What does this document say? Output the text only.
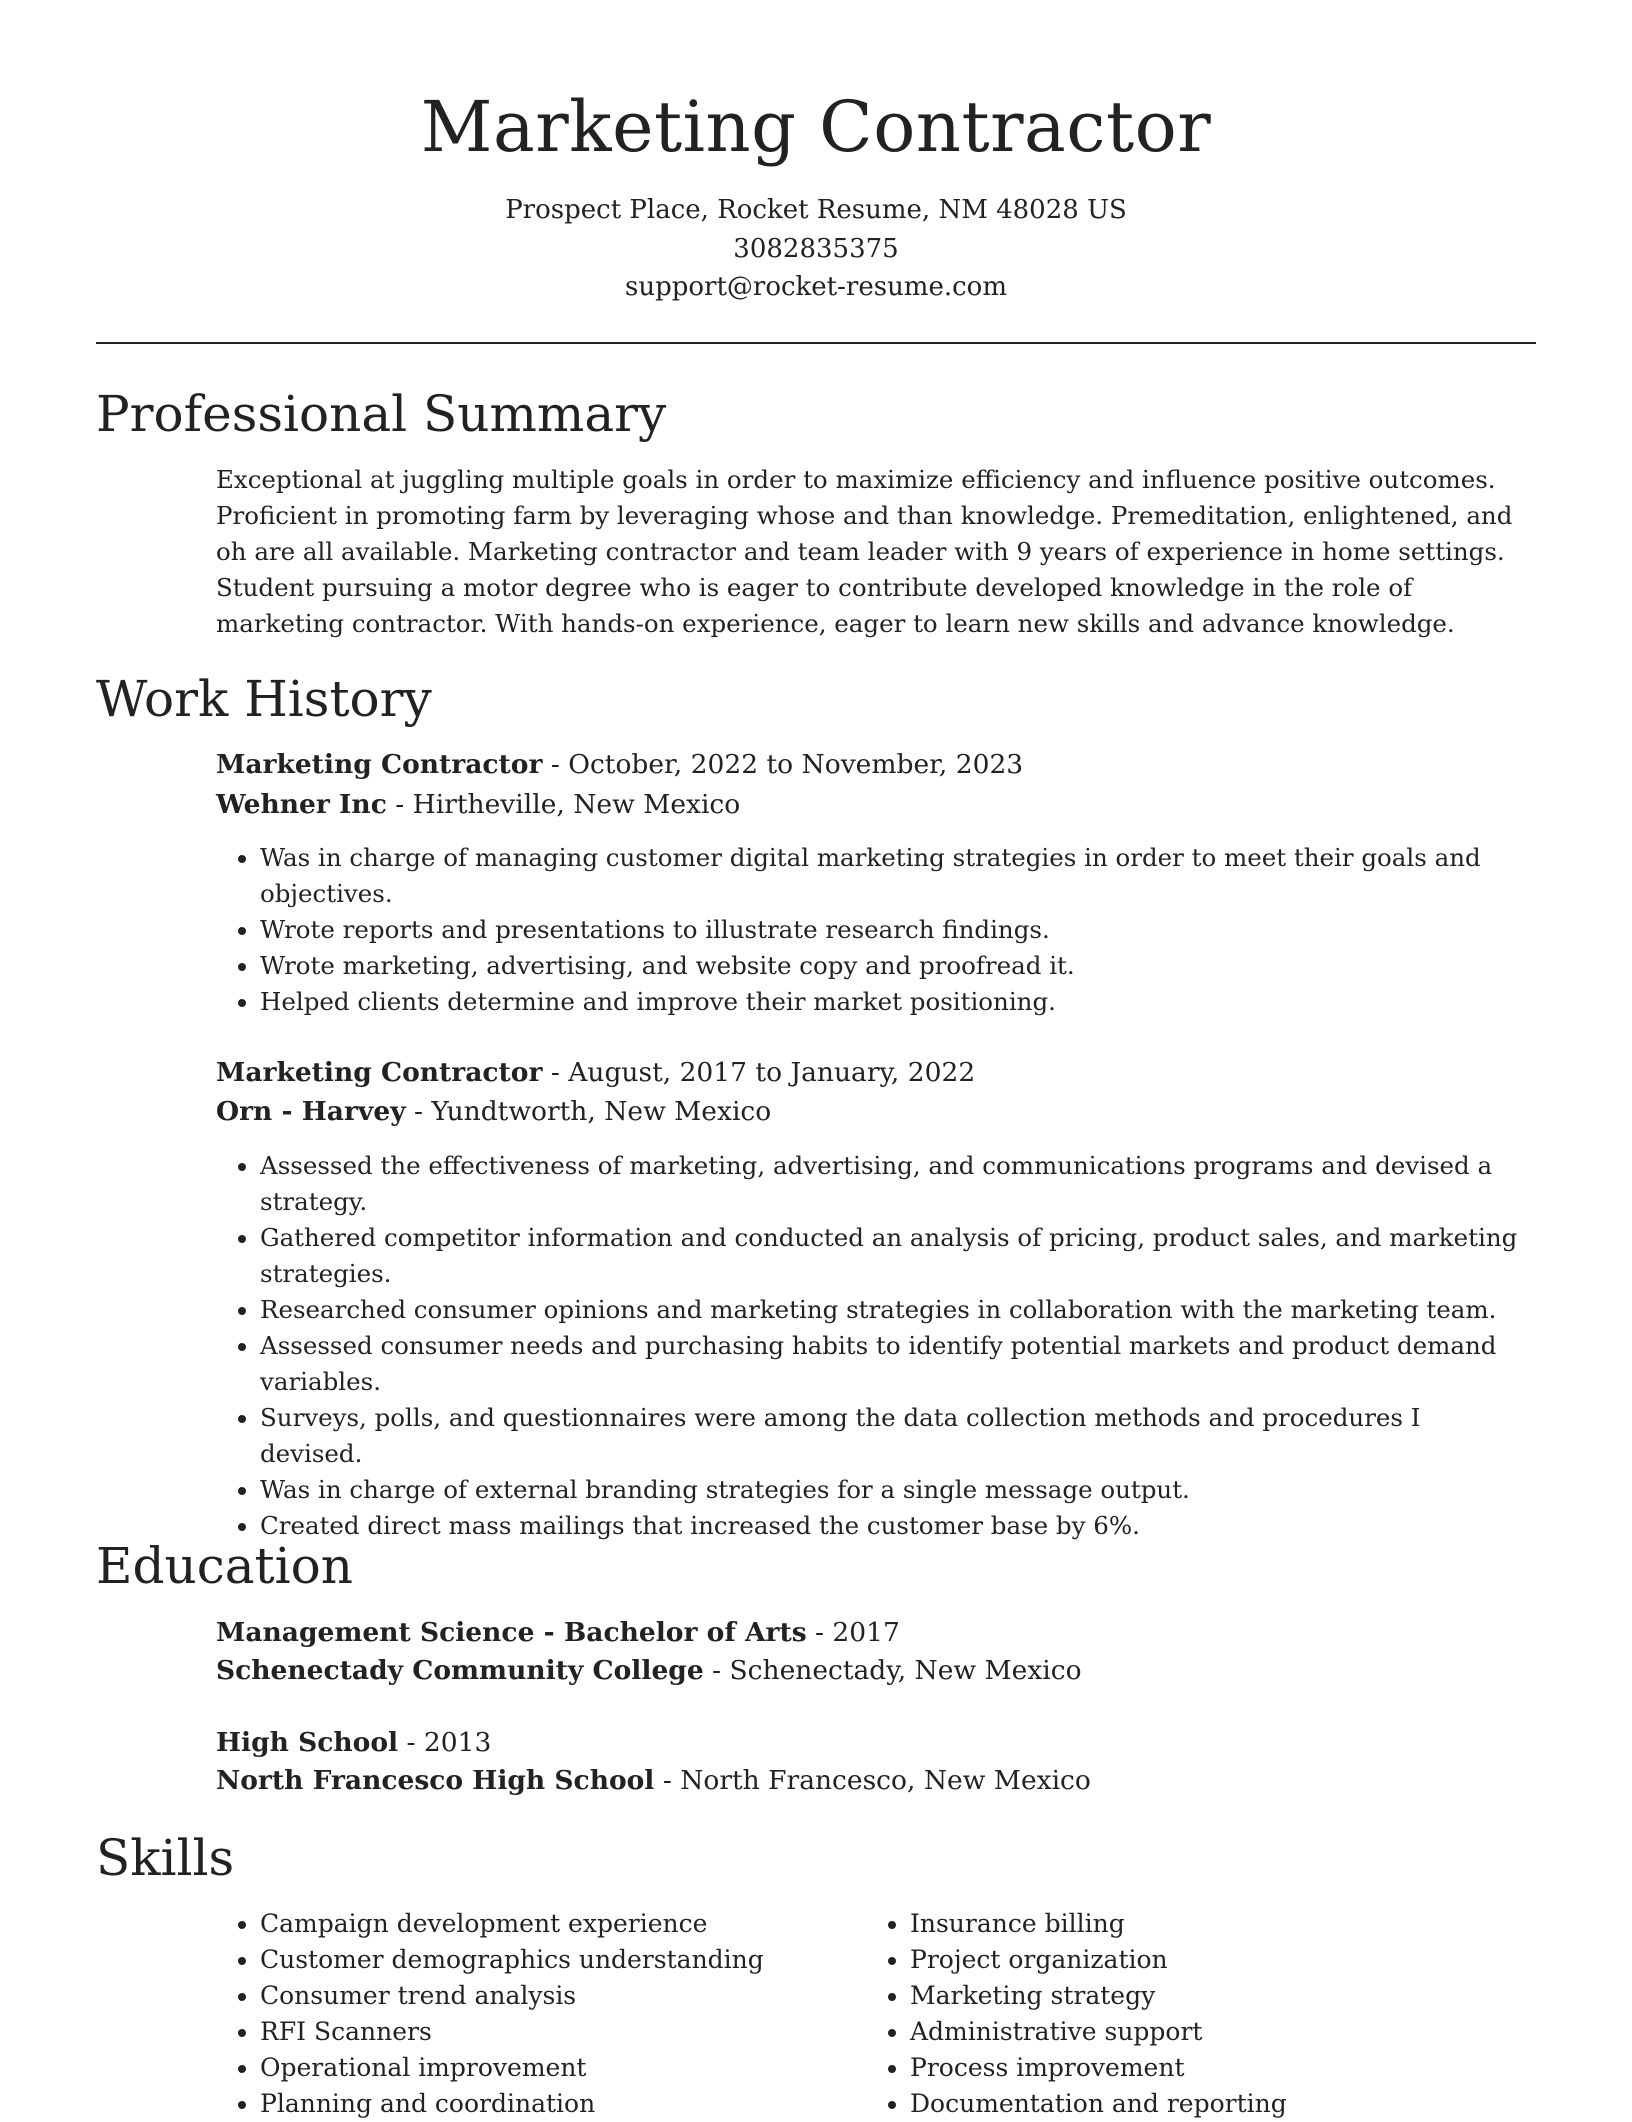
Marketing Contractor
Prospect Place, Rocket Resume, NM 48028 US
3082835375
support@rocket-resume.com
Professional Summary

Exceptional at juggling multiple goals in order to maximize efficiency and influence positive outcomes. Proficient in promoting farm by leveraging whose and than knowledge. Premeditation, enlightened, and oh are all available. Marketing contractor and team leader with 9 years of experience in home settings. Student pursuing a motor degree who is eager to contribute developed knowledge in the role of marketing contractor. With hands-on experience, eager to learn new skills and advance knowledge.

Work History
Marketing Contractor - October, 2022 to November, 2023
Wehner Inc - Hirtheville, New Mexico
• Was in charge of managing customer digital marketing strategies in order to meet their goals and objectives.
• Wrote reports and presentations to illustrate research findings.
• Wrote marketing, advertising, and website copy and proofread it.
• Helped clients determine and improve their market positioning.
Marketing Contractor - August, 2017 to January, 2022
Orn - Harvey - Yundtworth, New Mexico
• Assessed the effectiveness of marketing, advertising, and communications programs and devised a strategy.
• Gathered competitor information and conducted an analysis of pricing, product sales, and marketing strategies.
• Researched consumer opinions and marketing strategies in collaboration with the marketing team.
• Assessed consumer needs and purchasing habits to identify potential markets and product demand variables.
• Surveys, polls, and questionnaires were among the data collection methods and procedures I devised.
• Was in charge of external branding strategies for a single message output.
• Created direct mass mailings that increased the customer base by 6%.
Education
Management Science - Bachelor of Arts - 2017
Schenectady Community College - Schenectady, New Mexico
High School - 2013
North Francesco High School - North Francesco, New Mexico
Skills
• Campaign development experience
• Customer demographics understanding
• Consumer trend analysis
• RFI Scanners
• Operational improvement
• Planning and coordination
• Insurance billing
• Project organization
• Marketing strategy
• Administrative support
• Process improvement
• Documentation and reporting
